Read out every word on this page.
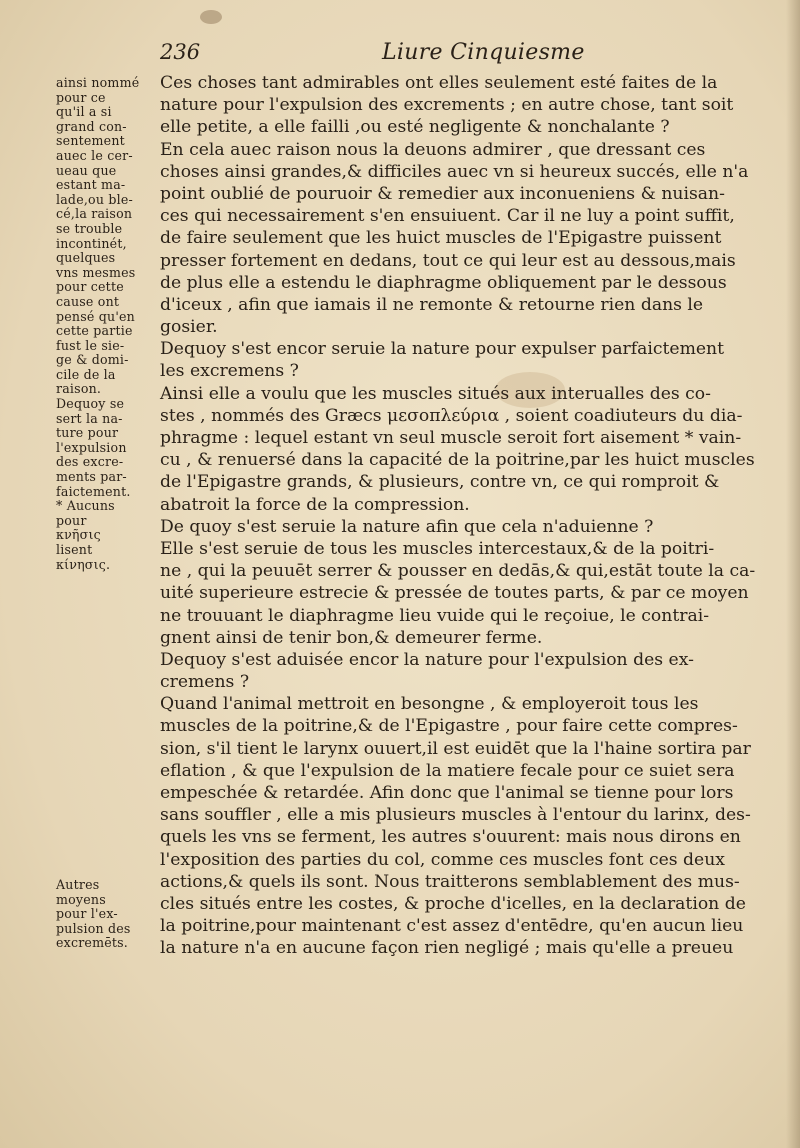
236	Liure Cinquiesme
ainsi nommé
pour ce
qu'il a si
grand con-
sentement
auec le cer-
ueau que
estant ma-
lade,ou ble-
cé,la raison
se trouble
incontinét,
quelques
vns mesmes
pour cette
cause ont
pensé qu'en
cette partie
fust le sie-
ge & domi-
cile de la
raison.
Dequoy se
sert la na-
ture pour
l'expulsion
des excre-
ments par-
faictement.
* Aucuns
pour
κνῆσις
lisent
κίνησις.
Autres
moyens
pour l'ex-
pulsion des
excremēts.
Ces choses tant admirables ont elles seulement esté faites de la
nature pour l'expulsion des excrements ; en autre chose, tant soit
elle petite, a elle failli ,ou esté negligente & nonchalante ?
En cela auec raison nous la deuons admirer , que dressant ces
choses ainsi grandes,& difficiles auec vn si heureux succés, elle n'a
point oublié de pouruoir & remedier aux inconueniens & nuisan-
ces qui necessairement s'en ensuiuent. Car il ne luy a point suffit,
de faire seulement que les huict muscles de l'Epigastre puissent
presser fortement en dedans, tout ce qui leur est au dessous,mais
de plus elle a estendu le diaphragme obliquement par le dessous
d'iceux , afin que iamais il ne remonte & retourne rien dans le
gosier.
Dequoy s'est encor seruie la nature pour expulser parfaictement
les excremens ?
Ainsi elle a voulu que les muscles situés aux interualles des co-
stes , nommés des Græcs μεσοπλεύρια , soient coadiuteurs du dia-
phragme : lequel estant vn seul muscle seroit fort aisement * vain-
cu , & renuersé dans la capacité de la poitrine,par les huict muscles
de l'Epigastre grands, & plusieurs, contre vn, ce qui romproit &
abatroit la force de la compression.
De quoy s'est seruie la nature afin que cela n'aduienne ?
Elle s'est seruie de tous les muscles intercestaux,& de la poitri-
ne , qui la peuuēt serrer & pousser en dedās,& qui,estāt toute la ca-
uité superieure estrecie & pressée de toutes parts, & par ce moyen
ne trouuant le diaphragme lieu vuide qui le reçoiue, le contrai-
gnent ainsi de tenir bon,& demeurer ferme.
Dequoy s'est aduisée encor la nature pour l'expulsion des ex-
cremens ?
Quand l'animal mettroit en besongne , & employeroit tous les
muscles de la poitrine,& de l'Epigastre , pour faire cette compres-
sion, s'il tient le larynx ouuert,il est euidēt que la l'haine sortira par
eflation , & que l'expulsion de la matiere fecale pour ce suiet sera
empeschée & retardée. Afin donc que l'animal se tienne pour lors
sans souffler , elle a mis plusieurs muscles à l'entour du larinx, des-
quels les vns se ferment, les autres s'ouurent: mais nous dirons en
l'exposition des parties du col, comme ces muscles font ces deux
actions,& quels ils sont. Nous traitterons semblablement des mus-
cles situés entre les costes, & proche d'icelles, en la declaration de
la poitrine,pour maintenant c'est assez d'entēdre, qu'en aucun lieu
la nature n'a en aucune façon rien negligé ; mais qu'elle a preueu
